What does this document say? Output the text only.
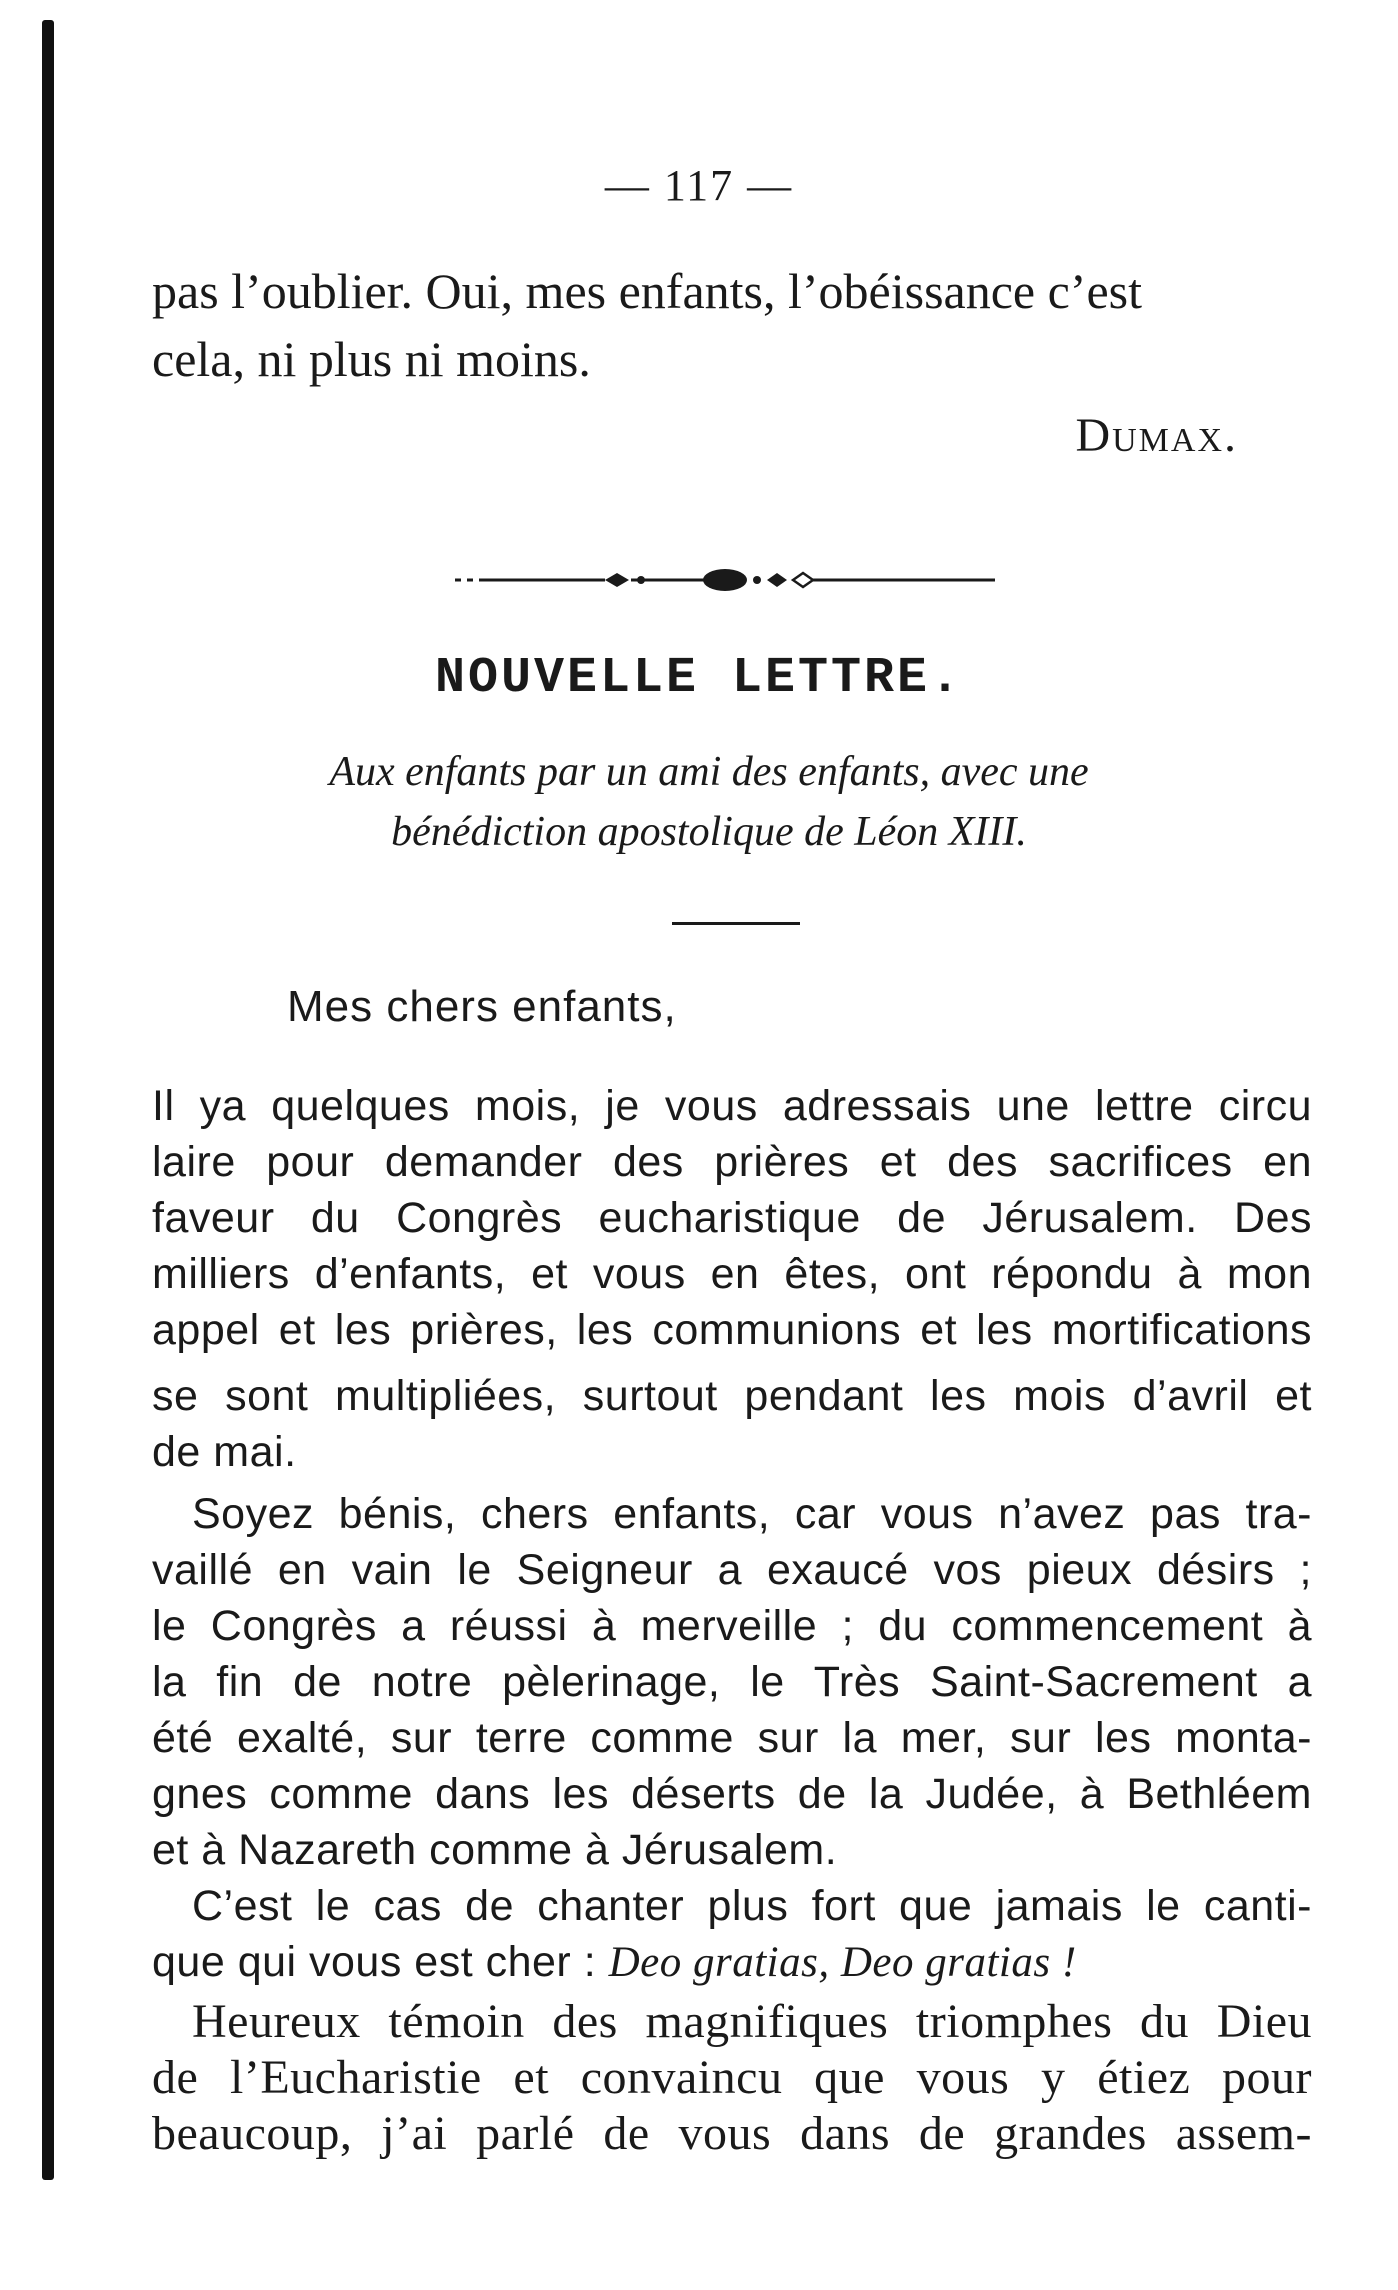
— 117 —
pas l’oublier. Oui, mes enfants, l’obéissance c’est
cela, ni plus ni moins.
Dumax.
NOUVELLE LETTRE.
Aux enfants par un ami des enfants, avec une
bénédiction apostolique de Léon XIII.
Mes chers enfants,
Il ya quelques mois, je vous adressais une lettre circu
laire pour demander des prières et des sacrifices en
faveur du Congrès eucharistique de Jérusalem. Des
milliers d’enfants, et vous en êtes, ont répondu à mon
appel et les prières, les communions et les mortifications
se sont multipliées, surtout pendant les mois d’avril et
de mai.
Soyez bénis, chers enfants, car vous n’avez pas tra-
vaillé en vain le Seigneur a exaucé vos pieux désirs ;
le Congrès a réussi à merveille ; du commencement à
la fin de notre pèlerinage, le Très Saint-Sacrement a
été exalté, sur terre comme sur la mer, sur les monta-
gnes comme dans les déserts de la Judée, à Bethléem
et à Nazareth comme à Jérusalem.
C’est le cas de chanter plus fort que jamais le canti-
que qui vous est cher : Deo gratias, Deo gratias !
Heureux témoin des magnifiques triomphes du Dieu
de l’Eucharistie et convaincu que vous y étiez pour
beaucoup, j’ai parlé de vous dans de grandes assem-
